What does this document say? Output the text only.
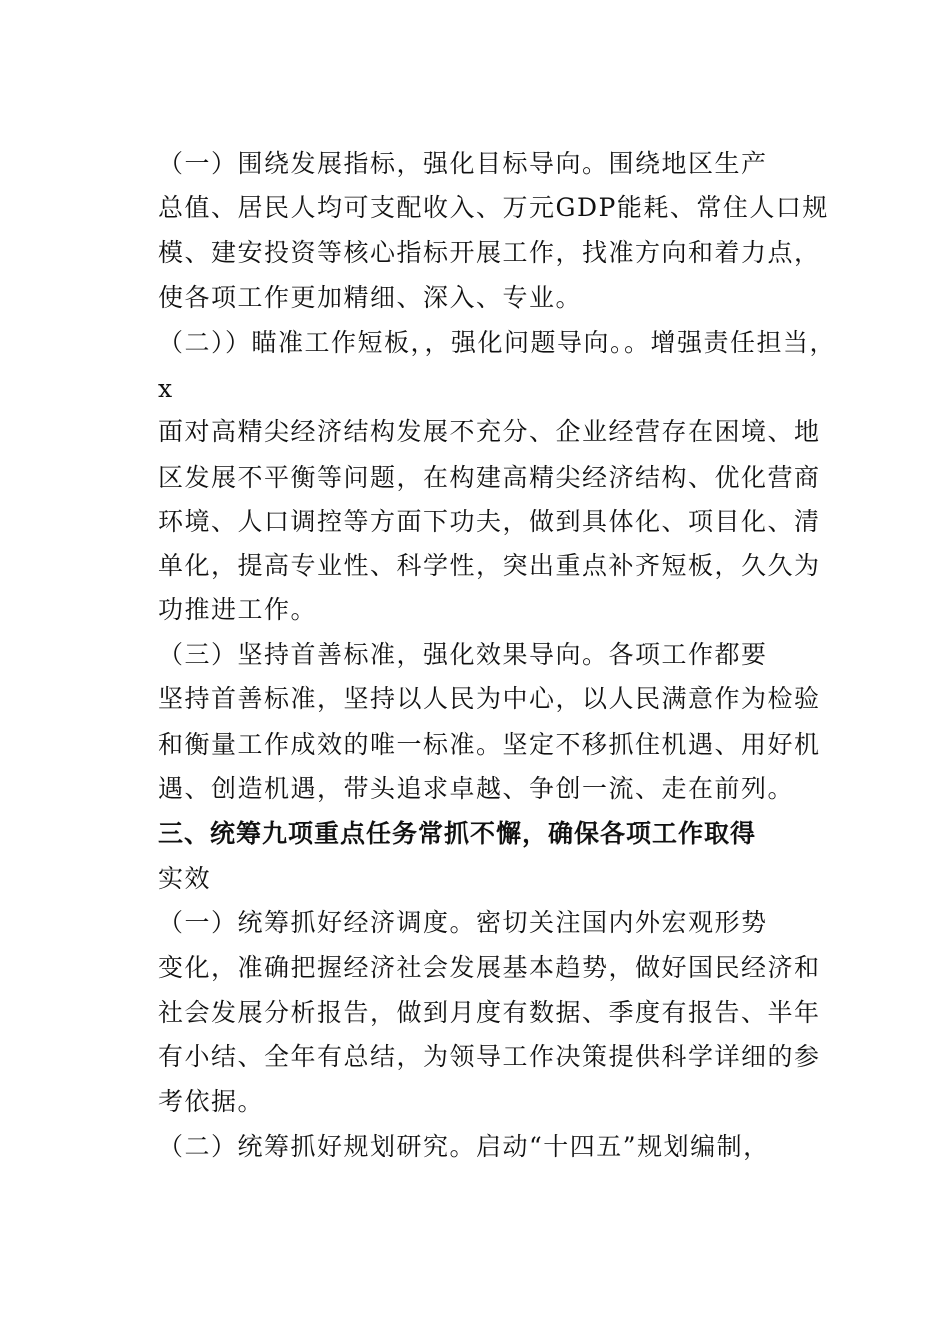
（一）围绕发展指标，强化目标导向。围绕地区生产
总值、居民人均可支配收入、万元GDP能耗、常住人口规
模、建安投资等核心指标开展工作，找准方向和着力点，
使各项工作更加精细、深入、专业。
（二））瞄准工作短板，，强化问题导向。。增强责任担当，
x
面对高精尖经济结构发展不充分、企业经营存在困境、地
区发展不平衡等问题，在构建高精尖经济结构、优化营商
环境、人口调控等方面下功夫，做到具体化、项目化、清
单化，提高专业性、科学性，突出重点补齐短板，久久为
功推进工作。
（三）坚持首善标准，强化效果导向。各项工作都要
坚持首善标准，坚持以人民为中心，以人民满意作为检验
和衡量工作成效的唯一标准。坚定不移抓住机遇、用好机
遇、创造机遇，带头追求卓越、争创一流、走在前列。
三、统筹九项重点任务常抓不懈，确保各项工作取得
实效
（一）统筹抓好经济调度。密切关注国内外宏观形势
变化，准确把握经济社会发展基本趋势，做好国民经济和
社会发展分析报告，做到月度有数据、季度有报告、半年
有小结、全年有总结，为领导工作决策提供科学详细的参
考依据。
（二）统筹抓好规划研究。启动“十四五”规划编制，
